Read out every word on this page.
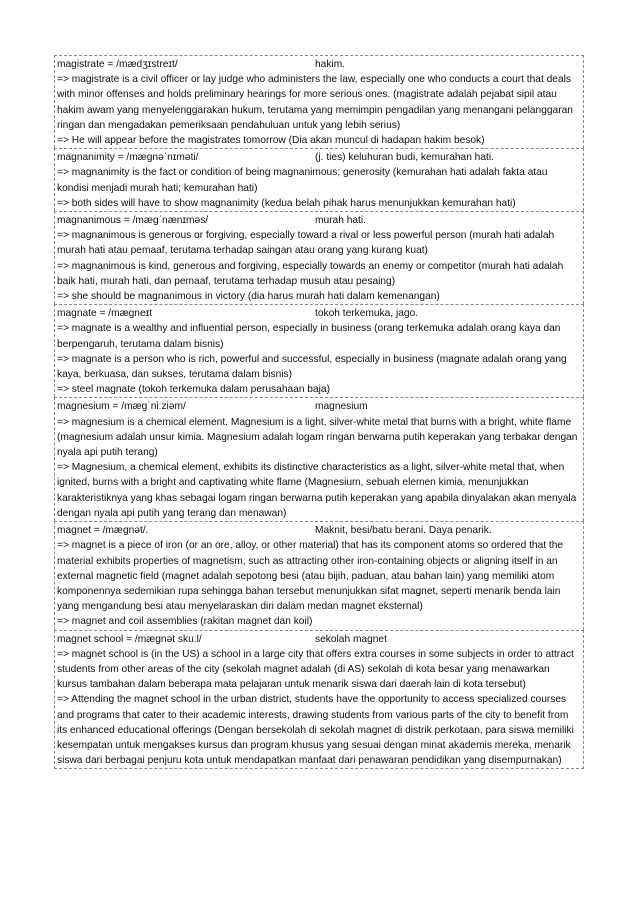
magistrate = /mædʒɪstreɪt/	hakim.
=> magistrate is a civil officer or lay judge who administers the law, especially one who conducts a court that deals with minor offenses and holds preliminary hearings for more serious ones. (magistrate adalah pejabat sipil atau hakim awam yang menyelenggarakan hukum, terutama yang memimpin pengadilan yang menangani pelanggaran ringan dan mengadakan pemeriksaan pendahuluan untuk yang lebih serius)
=> He will appear before the magistrates tomorrow (Dia akan muncul di hadapan hakim besok)
magnanimity = /mægnəˈnɪməti/	(j. ties) keluhuran budi, kemurahan hati.
=> magnanimity is the fact or condition of being magnanimous; generosity (kemurahan hati adalah fakta atau kondisi menjadi murah hati; kemurahan hati)
=> both sides will have to show magnanimity (kedua belah pihak harus menunjukkan kemurahan hati)
magnanimous = /mæɡˈnænɪməs/	murah hati.
=> magnanimous is generous or forgiving, especially toward a rival or less powerful person (murah hati adalah murah hati atau pemaaf, terutama terhadap saingan atau orang yang kurang kuat)
=> magnanimous is kind, generous and forgiving, especially towards an enemy or competitor (murah hati adalah baik hati, murah hati, dan pemaaf, terutama terhadap musuh atau pesaing)
=> she should be magnanimous in victory (dia harus murah hati dalam kemenangan)
magnate = /mæɡneɪt	tokoh terkemuka, jago.
=> magnate is a wealthy and influential person, especially in business (orang terkemuka adalah orang kaya dan berpengaruh, terutama dalam bisnis)
=> magnate is a person who is rich, powerful and successful, especially in business (magnate adalah orang yang kaya, berkuasa, dan sukses, terutama dalam bisnis)
=> steel magnate (tokoh terkemuka dalam perusahaan baja)
magnesium = /mæɡˈniːziəm/	magnesium
=> magnesium is a chemical element. Magnesium is a light, silver-white metal that burns with a bright, white flame (magnesium adalah unsur kimia. Magnesium adalah logam ringan berwarna putih keperakan yang terbakar dengan nyala api putih terang)
=> Magnesium, a chemical element, exhibits its distinctive characteristics as a light, silver-white metal that, when ignited, burns with a bright and captivating white flame (Magnesium, sebuah elemen kimia, menunjukkan karakteristiknya yang khas sebagai logam ringan berwarna putih keperakan yang apabila dinyalakan akan menyala dengan nyala api putih yang terang dan menawan)
magnet = /mæɡnət/.	Maknit, besi/batu berani. Daya penarik.
=> magnet is a piece of iron (or an ore, alloy, or other material) that has its component atoms so ordered that the material exhibits properties of magnetism, such as attracting other iron-containing objects or aligning itself in an external magnetic field (magnet adalah sepotong besi (atau bijih, paduan, atau bahan lain) yang memiliki atom komponennya sedemikian rupa sehingga bahan tersebut menunjukkan sifat magnet, seperti menarik benda lain yang mengandung besi atau menyelaraskan diri dalam medan magnet eksternal)
=> magnet and coil assemblies (rakitan magnet dan koil)
magnet school = /mæɡnət skuːl/	sekolah magnet
=> magnet school is (in the US) a school in a large city that offers extra courses in some subjects in order to attract students from other areas of the city (sekolah magnet adalah (di AS) sekolah di kota besar yang menawarkan kursus tambahan dalam beberapa mata pelajaran untuk menarik siswa dari daerah lain di kota tersebut)
=> Attending the magnet school in the urban district, students have the opportunity to access specialized courses and programs that cater to their academic interests, drawing students from various parts of the city to benefit from its enhanced educational offerings (Dengan bersekolah di sekolah magnet di distrik perkotaan, para siswa memiliki kesempatan untuk mengakses kursus dan program khusus yang sesuai dengan minat akademis mereka, menarik siswa dari berbagai penjuru kota untuk mendapatkan manfaat dari penawaran pendidikan yang disempurnakan)
